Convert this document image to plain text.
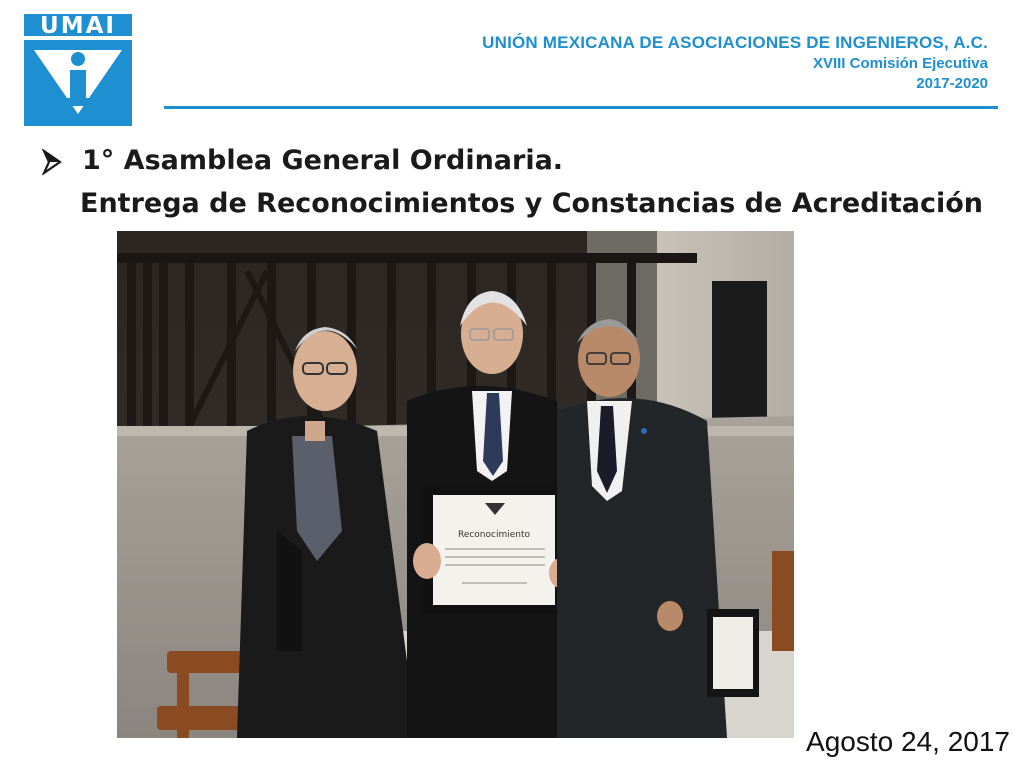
UMAI
UNIÓN MEXICANA DE ASOCIACIONES DE INGENIEROS, A.C.
XVIII Comisión Ejecutiva
2017-2020
1° Asamblea General Ordinaria.
Entrega de Reconocimientos y Constancias de Acreditación
Reconocimiento
Agosto 24, 2017
